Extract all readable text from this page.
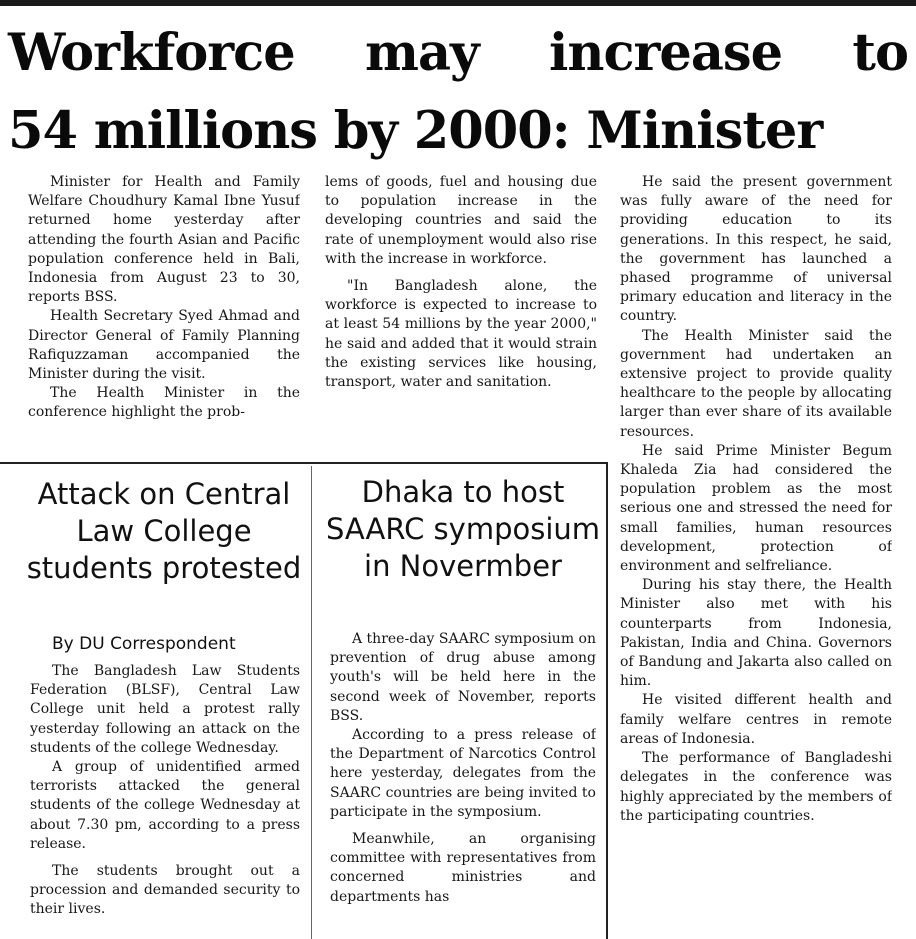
Workforce may increase to
54 millions by 2000: Minister

Minister for Health and Family Welfare Choudhury Kamal Ibne Yusuf returned home yesterday after attending the fourth Asian and Pacific population conference held in Bali, Indonesia from August 23 to 30, reports BSS.

Health Secretary Syed Ahmad and Director General of Family Planning Rafiquzzaman accompanied the Minister during the visit.

The Health Minister in the conference highlight the prob-

lems of goods, fuel and housing due to population increase in the developing countries and said the rate of unemployment would also rise with the increase in workforce.

"In Bangladesh alone, the workforce is expected to increase to at least 54 millions by the year 2000," he said and added that it would strain the existing services like housing, transport, water and sanitation.

He said the present government was fully aware of the need for providing education to its generations. In this respect, he said, the government has launched a phased programme of universal primary education and literacy in the country.

The Health Minister said the government had undertaken an extensive project to provide quality healthcare to the people by allocating larger than ever share of its available resources.

He said Prime Minister Begum Khaleda Zia had considered the population problem as the most serious one and stressed the need for small families, human resources development, protection of environment and selfreliance.

During his stay there, the Health Minister also met with his counterparts from Indonesia, Pakistan, India and China. Governors of Bandung and Jakarta also called on him.

He visited different health and family welfare centres in remote areas of Indonesia.

The performance of Bangladeshi delegates in the conference was highly appreciated by the members of the participating countries.

Attack on Central Law College students protested
By DU Correspondent

The Bangladesh Law Students Federation (BLSF), Central Law College unit held a protest rally yesterday following an attack on the students of the college Wednesday.

A group of unidentified armed terrorists attacked the general students of the college Wednesday at about 7.30 pm, according to a press release.

The students brought out a procession and demanded security to their lives.

Dhaka to host SAARC symposium in Novermber

A three-day SAARC symposium on prevention of drug abuse among youth's will be held here in the second week of November, reports BSS.

According to a press release of the Department of Narcotics Control here yesterday, delegates from the SAARC countries are being invited to participate in the symposium.

Meanwhile, an organising committee with representatives from concerned ministries and departments has
